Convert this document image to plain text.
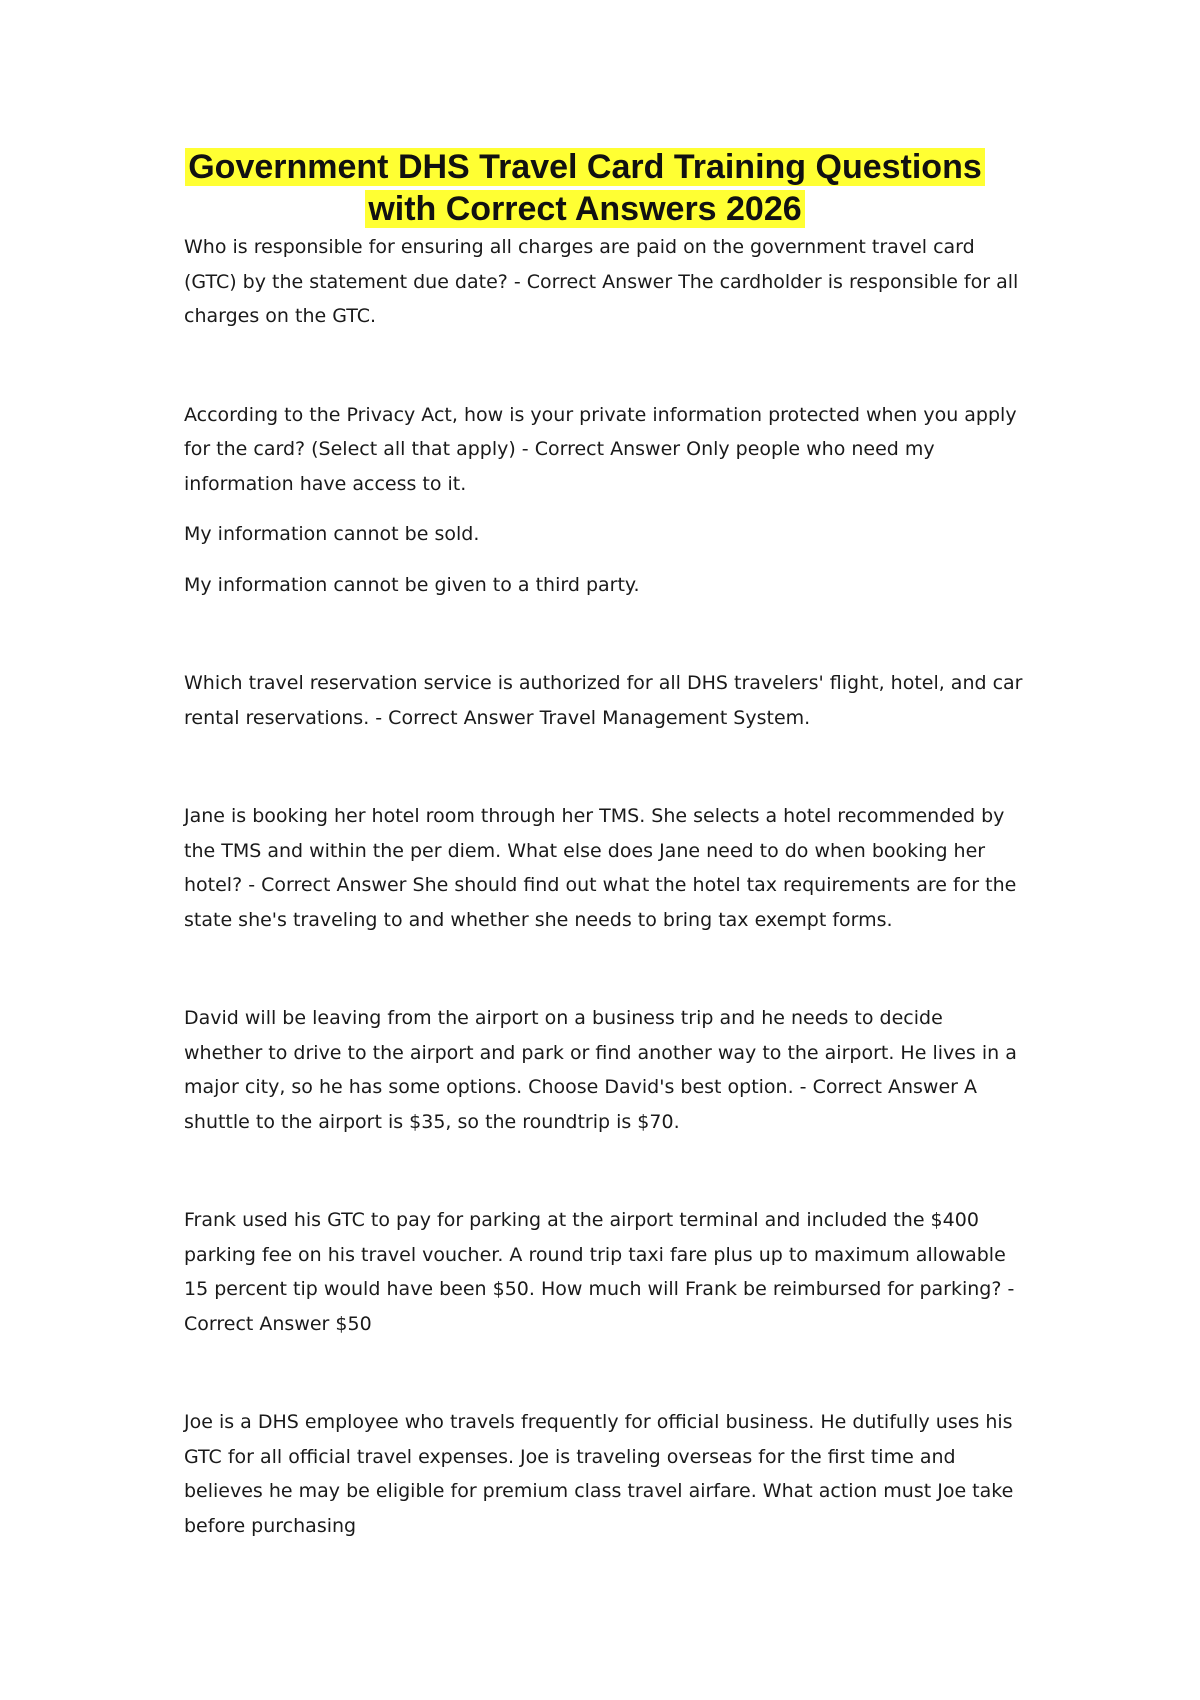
Government DHS Travel Card Training Questions with Correct Answers 2026

Who is responsible for ensuring all charges are paid on the government travel card (GTC) by the statement due date? - Correct Answer The cardholder is responsible for all charges on the GTC.

According to the Privacy Act, how is your private information protected when you apply for the card? (Select all that apply) - Correct Answer Only people who need my information have access to it.

My information cannot be sold.

My information cannot be given to a third party.

Which travel reservation service is authorized for all DHS travelers' flight, hotel, and car rental reservations. - Correct Answer Travel Management System.

Jane is booking her hotel room through her TMS. She selects a hotel recommended by the TMS and within the per diem. What else does Jane need to do when booking her hotel? - Correct Answer She should find out what the hotel tax requirements are for the state she's traveling to and whether she needs to bring tax exempt forms.

David will be leaving from the airport on a business trip and he needs to decide whether to drive to the airport and park or find another way to the airport. He lives in a major city, so he has some options. Choose David's best option. - Correct Answer A shuttle to the airport is $35, so the roundtrip is $70.

Frank used his GTC to pay for parking at the airport terminal and included the $400 parking fee on his travel voucher. A round trip taxi fare plus up to maximum allowable 15 percent tip would have been $50. How much will Frank be reimbursed for parking? - Correct Answer $50

Joe is a DHS employee who travels frequently for official business. He dutifully uses his GTC for all official travel expenses. Joe is traveling overseas for the first time and believes he may be eligible for premium class travel airfare. What action must Joe take before purchasing
